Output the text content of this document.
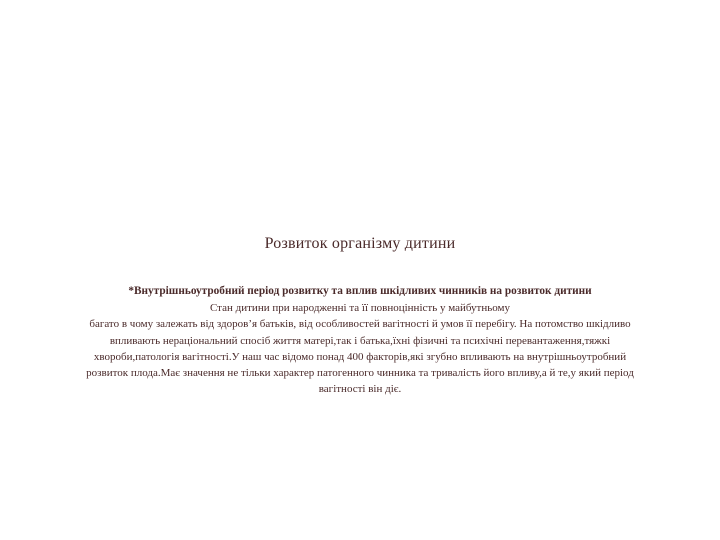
Розвиток організму дитини
*Внутрішньоутробний період розвитку та вплив шкідливих чинників на розвиток дитини
Стан дитини при народженні та її повноцінність у майбутньому
багато в чому залежать від здоров’я батьків, від особливостей вагітності й умов її перебігу. На потомство шкідливо
впливають нераціональний спосіб життя матері,так і батька,їхні фізичні та психічні перевантаження,тяжкі
хвороби,патологія вагітності.У наш час відомо понад 400 факторів,які згубно впливають на внутрішньоутробний
розвиток плода.Має значення не тільки характер патогенного чинника та тривалість його впливу,а й те,у який період
вагітності він діє.
